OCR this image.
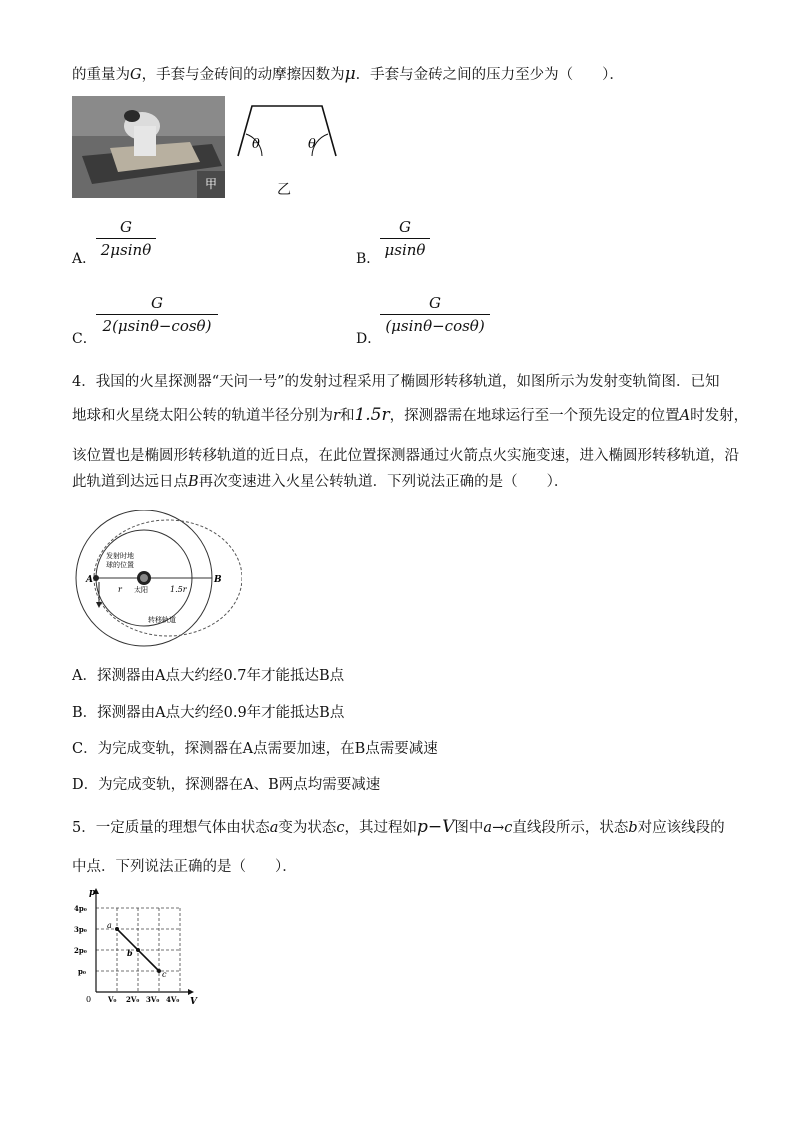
的重量为G，手套与金砖间的动摩擦因数为μ．手套与金砖之间的压力至少为（　　）．
甲
θ	θ
乙
A． $\frac{G}{2\mu\sin\theta}$	B． $\frac{G}{\mu\sin\theta}$
C．
$\frac{G}{2(\mu\sin\theta-\cos\theta)}$
D．
$\frac{G}{(\mu\sin\theta-\cos\theta)}$
4．我国的火星探测器“天问一号”的发射过程采用了椭圆形转移轨道，如图所示为发射变轨简图．已知
地球和火星绕太阳公转的轨道半径分别为r和1.5r，探测器需在地球运行至一个预先设定的位置A时发射，
该位置也是椭圆形转移轨道的近日点，在此位置探测器通过火箭点火实施变速，进入椭圆形转移轨道，沿
此轨道到达远日点B再次变速进入火星公转轨道．下列说法正确的是（　　）．
A	B
发射时地
球的位置
太阳
r	1.5r
转移轨道
A．探测器由A点大约经0.7年才能抵达B点
B．探测器由A点大约经0.9年才能抵达B点
C．为完成变轨，探测器在A点需要加速，在B点需要减速
D．为完成变轨，探测器在A、B两点均需要减速
5．一定质量的理想气体由状态a变为状态c，其过程如p−V图中a→c直线段所示，状态b对应该线段的
中点．下列说法正确的是（　　）．
p
V
0
4p₀
3p₀
2p₀
p₀
V₀ 2V₀ 3V₀ 4V₀
a
b
c
